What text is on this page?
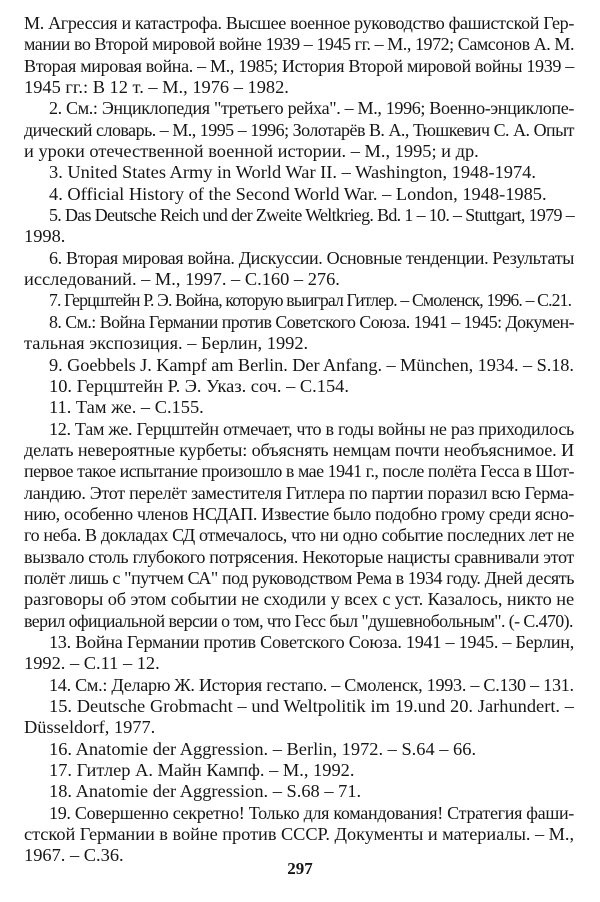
М. Агрессия и катастрофа. Высшее военное руководство фашистской Гер-
мании во Второй мировой войне 1939 – 1945 гг. – М., 1972; Самсонов А. М.
Вторая мировая война. – М., 1985; История Второй мировой войны 1939 –
1945 гг.: В 12 т. – М., 1976 – 1982.
2. См.: Энциклопедия "третьего рейха". – М., 1996; Военно-энциклопе-
дический словарь. – М., 1995 – 1996; Золотарёв В. А., Тюшкевич С. А. Опыт
и уроки отечественной военной истории. – М., 1995; и др.
3. United States Army in World War II. – Washington, 1948-1974.
4. Official History of the Second World War. – London, 1948-1985.
5. Das Deutsche Reich und der Zweite Weltkrieg. Bd. 1 – 10. – Stuttgart, 1979 –
1998.
6. Вторая мировая война. Дискуссии. Основные тенденции. Результаты
исследований. – М., 1997. – С.160 – 276.
7. Герцштейн Р. Э. Война, которую выиграл Гитлер. – Смоленск, 1996. – С.21.
8. См.: Война Германии против Советского Союза. 1941 – 1945: Докумен-
тальная экспозиция. – Берлин, 1992.
9. Goebbels J. Kampf am Berlin. Der Anfang. – München, 1934. – S.18.
10. Герцштейн Р. Э. Указ. соч. – С.154.
11. Там же. – С.155.
12. Там же. Герцштейн отмечает, что в годы войны не раз приходилось
делать невероятные курбеты: объяснять немцам почти необъяснимое. И
первое такое испытание произошло в мае 1941 г., после полёта Гесса в Шот-
ландию. Этот перелёт заместителя Гитлера по партии поразил всю Герма-
нию, особенно членов НСДАП. Известие было подобно грому среди ясно-
го неба. В докладах СД отмечалось, что ни одно событие последних лет не
вызвало столь глубокого потрясения. Некоторые нацисты сравнивали этот
полёт лишь с "путчем СА" под руководством Рема в 1934 году. Дней десять
разговоры об этом событии не сходили у всех с уст. Казалось, никто не
верил официальной версии о том, что Гесс был "душевнобольным". (- С.470).
13. Война Германии против Советского Союза. 1941 – 1945. – Берлин,
1992. – С.11 – 12.
14. См.: Деларю Ж. История гестапо. – Смоленск, 1993. – С.130 – 131.
15. Deutsche Grobmacht – und Weltpolitik im 19.und 20. Jarhundert. –
Düsseldorf, 1977.
16. Anatomie der Aggression. – Berlin, 1972. – S.64 – 66.
17. Гитлер А. Майн Кампф. – М., 1992.
18. Anatomie der Aggression. – S.68 – 71.
19. Совершенно секретно! Только для командования! Стратегия фаши-
стской Германии в войне против СССР. Документы и материалы. – М.,
1967. – С.36.
297
